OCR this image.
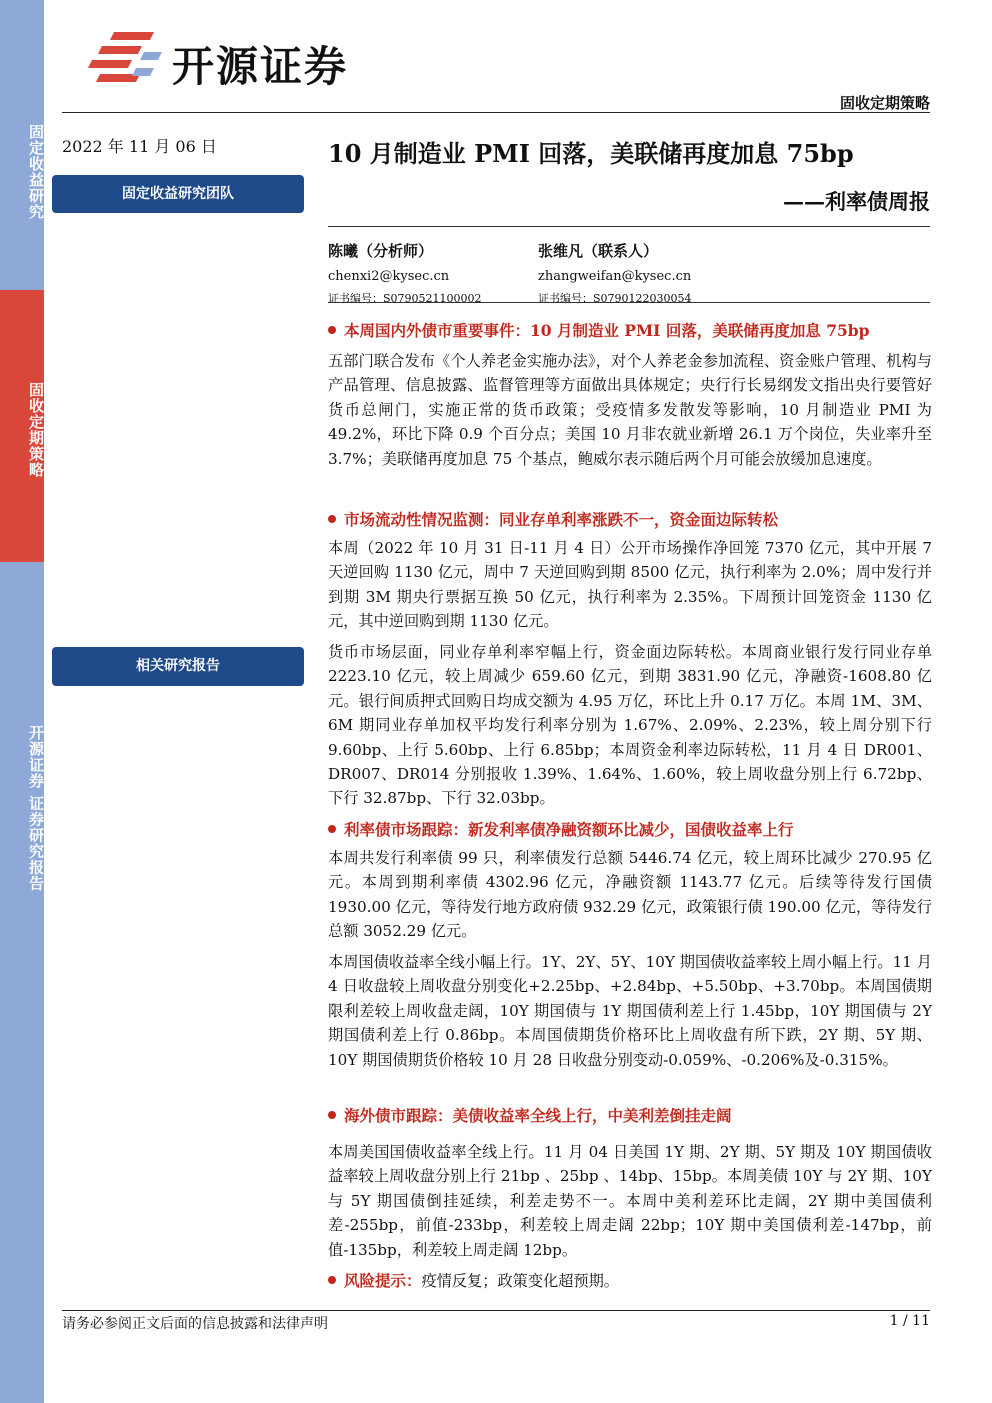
固定收益研究
固收定期策略
开源证券 证券研究报告
开源证券
固收定期策略
2022 年 11 月 06 日	10 月制造业 PMI 回落，美联储再度加息 75bp
——利率债周报
固定收益研究团队
相关研究报告
陈曦（分析师）
chenxi2@kysec.cn
证书编号：S0790521100002
张维凡（联系人）
zhangweifan@kysec.cn
证书编号：S0790122030054
本周国内外债市重要事件：10 月制造业 PMI 回落，美联储再度加息 75bp
五部门联合发布《个人养老金实施办法》，对个人养老金参加流程、资金账户管理、机构与产品管理、信息披露、监督管理等方面做出具体规定；央行行长易纲发文指出央行要管好货币总闸门，实施正常的货币政策；受疫情多发散发等影响，10 月制造业 PMI 为 49.2%，环比下降 0.9 个百分点；美国 10 月非农就业新增 26.1 万个岗位，失业率升至 3.7%；美联储再度加息 75 个基点，鲍威尔表示随后两个月可能会放缓加息速度。
市场流动性情况监测：同业存单利率涨跌不一，资金面边际转松
本周（2022 年 10 月 31 日-11 月 4 日）公开市场操作净回笼 7370 亿元，其中开展 7 天逆回购 1130 亿元，周中 7 天逆回购到期 8500 亿元，执行利率为 2.0%；周中发行并到期 3M 期央行票据互换 50 亿元，执行利率为 2.35%。下周预计回笼资金 1130 亿元，其中逆回购到期 1130 亿元。
货币市场层面，同业存单利率窄幅上行，资金面边际转松。本周商业银行发行同业存单 2223.10 亿元，较上周减少 659.60 亿元，到期 3831.90 亿元，净融资-1608.80 亿元。银行间质押式回购日均成交额为 4.95 万亿，环比上升 0.17 万亿。本周 1M、3M、6M 期同业存单加权平均发行利率分别为 1.67%、2.09%、2.23%，较上周分别下行 9.60bp、上行 5.60bp、上行 6.85bp；本周资金利率边际转松，11 月 4 日 DR001、DR007、DR014 分别报收 1.39%、1.64%、1.60%，较上周收盘分别上行 6.72bp、下行 32.87bp、下行 32.03bp。
利率债市场跟踪：新发利率债净融资额环比减少，国债收益率上行
本周共发行利率债 99 只，利率债发行总额 5446.74 亿元，较上周环比减少 270.95 亿元。本周到期利率债 4302.96 亿元，净融资额 1143.77 亿元。后续等待发行国债 1930.00 亿元，等待发行地方政府债 932.29 亿元，政策银行债 190.00 亿元，等待发行总额 3052.29 亿元。
本周国债收益率全线小幅上行。1Y、2Y、5Y、10Y 期国债收益率较上周小幅上行。11 月 4 日收盘较上周收盘分别变化+2.25bp、+2.84bp、+5.50bp、+3.70bp。本周国债期限利差较上周收盘走阔，10Y 期国债与 1Y 期国债利差上行 1.45bp，10Y 期国债与 2Y 期国债利差上行 0.86bp。本周国债期货价格环比上周收盘有所下跌，2Y 期、5Y 期、10Y 期国债期货价格较 10 月 28 日收盘分别变动-0.059%、-0.206%及-0.315%。
海外债市跟踪：美债收益率全线上行，中美利差倒挂走阔
本周美国国债收益率全线上行。11 月 04 日美国 1Y 期、2Y 期、5Y 期及 10Y 期国债收益率较上周收盘分别上行 21bp 、25bp 、14bp、15bp。本周美债 10Y 与 2Y 期、10Y 与 5Y 期国债倒挂延续，利差走势不一。本周中美利差环比走阔，2Y 期中美国债利差-255bp，前值-233bp，利差较上周走阔 22bp；10Y 期中美国债利差-147bp，前值-135bp，利差较上周走阔 12bp。
风险提示：疫情反复；政策变化超预期。
请务必参阅正文后面的信息披露和法律声明	1 / 11
